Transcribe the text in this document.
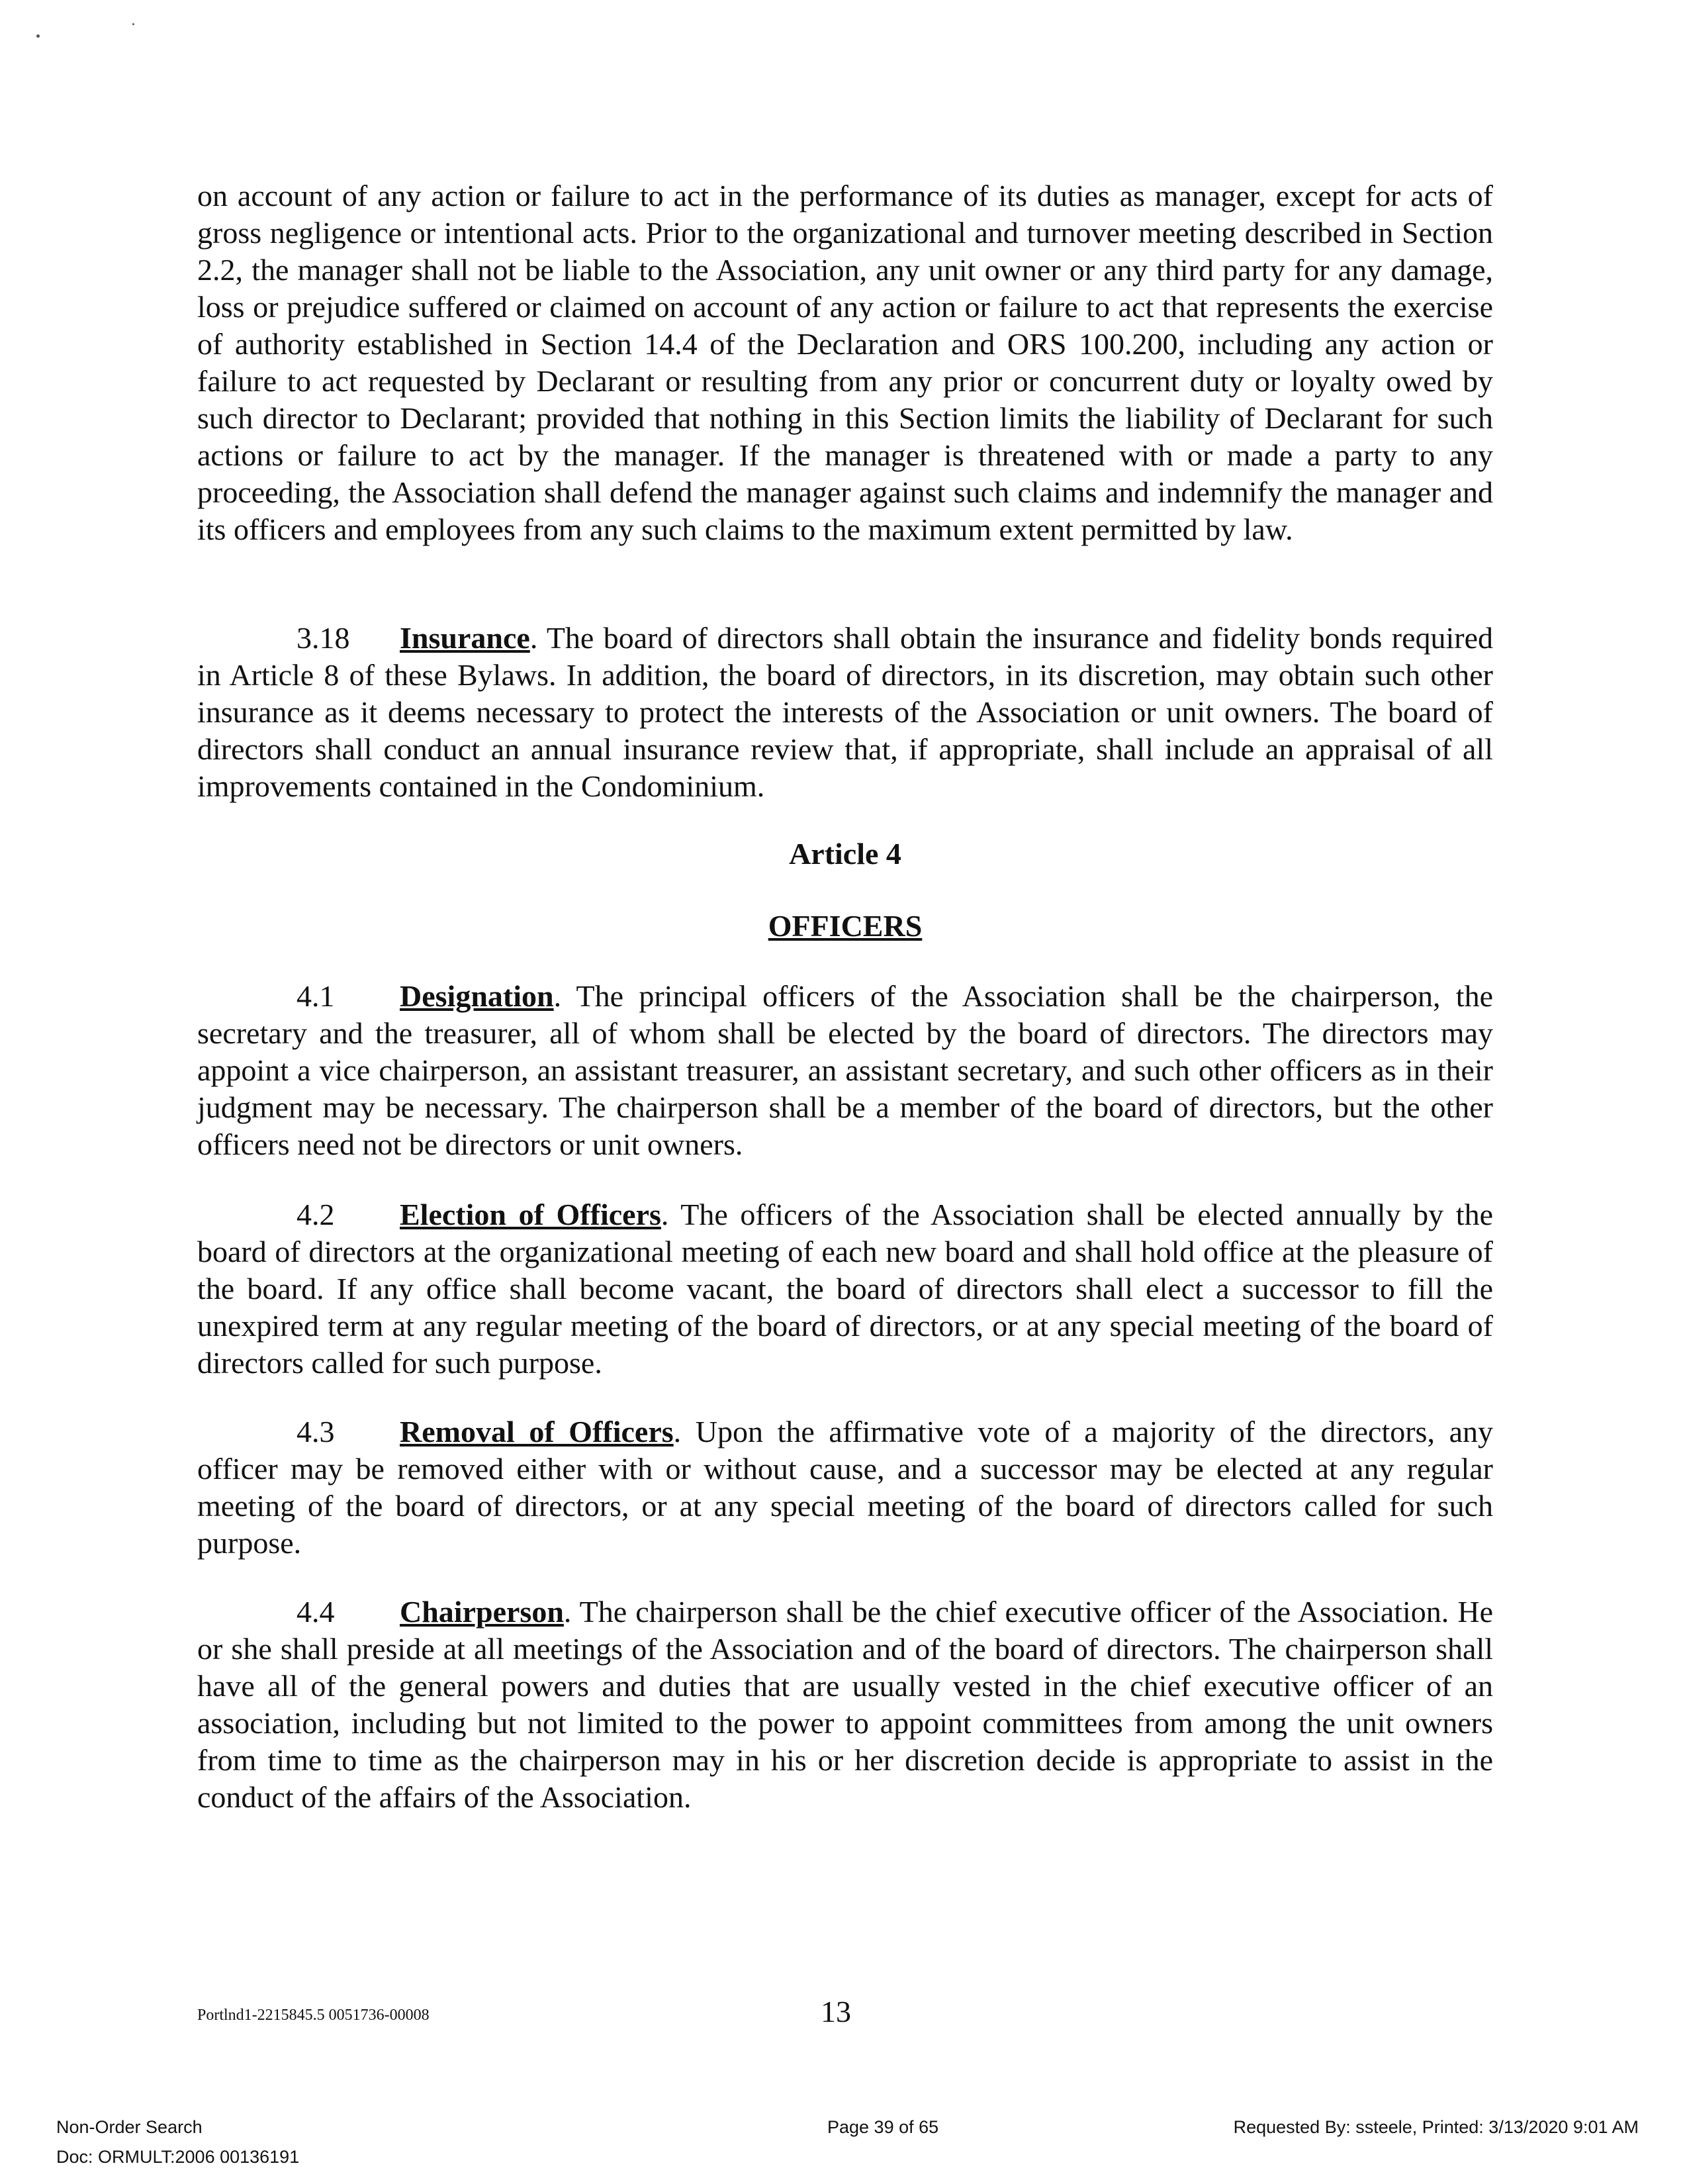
on account of any action or failure to act in the performance of its duties as manager, except for acts of gross negligence or intentional acts. Prior to the organizational and turnover meeting described in Section 2.2, the manager shall not be liable to the Association, any unit owner or any third party for any damage, loss or prejudice suffered or claimed on account of any action or failure to act that represents the exercise of authority established in Section 14.4 of the Declaration and ORS 100.200, including any action or failure to act requested by Declarant or resulting from any prior or concurrent duty or loyalty owed by such director to Declarant; provided that nothing in this Section limits the liability of Declarant for such actions or failure to act by the manager. If the manager is threatened with or made a party to any proceeding, the Association shall defend the manager against such claims and indemnify the manager and its officers and employees from any such claims to the maximum extent permitted by law.

3.18 Insurance. The board of directors shall obtain the insurance and fidelity bonds required in Article 8 of these Bylaws. In addition, the board of directors, in its discretion, may obtain such other insurance as it deems necessary to protect the interests of the Association or unit owners. The board of directors shall conduct an annual insurance review that, if appropriate, shall include an appraisal of all improvements contained in the Condominium.

Article 4

OFFICERS

4.1 Designation. The principal officers of the Association shall be the chairperson, the secretary and the treasurer, all of whom shall be elected by the board of directors. The directors may appoint a vice chairperson, an assistant treasurer, an assistant secretary, and such other officers as in their judgment may be necessary. The chairperson shall be a member of the board of directors, but the other officers need not be directors or unit owners.

4.2 Election of Officers. The officers of the Association shall be elected annually by the board of directors at the organizational meeting of each new board and shall hold office at the pleasure of the board. If any office shall become vacant, the board of directors shall elect a successor to fill the unexpired term at any regular meeting of the board of directors, or at any special meeting of the board of directors called for such purpose.

4.3 Removal of Officers. Upon the affirmative vote of a majority of the directors, any officer may be removed either with or without cause, and a successor may be elected at any regular meeting of the board of directors, or at any special meeting of the board of directors called for such purpose.

4.4 Chairperson. The chairperson shall be the chief executive officer of the Association. He or she shall preside at all meetings of the Association and of the board of directors. The chairperson shall have all of the general powers and duties that are usually vested in the chief executive officer of an association, including but not limited to the power to appoint committees from among the unit owners from time to time as the chairperson may in his or her discretion decide is appropriate to assist in the conduct of the affairs of the Association.

Portlnd1-2215845.5 0051736-00008	13
Non-Order Search
Doc: ORMULT:2006 00136191
Page 39 of 65	Requested By: ssteele, Printed: 3/13/2020 9:01 AM
